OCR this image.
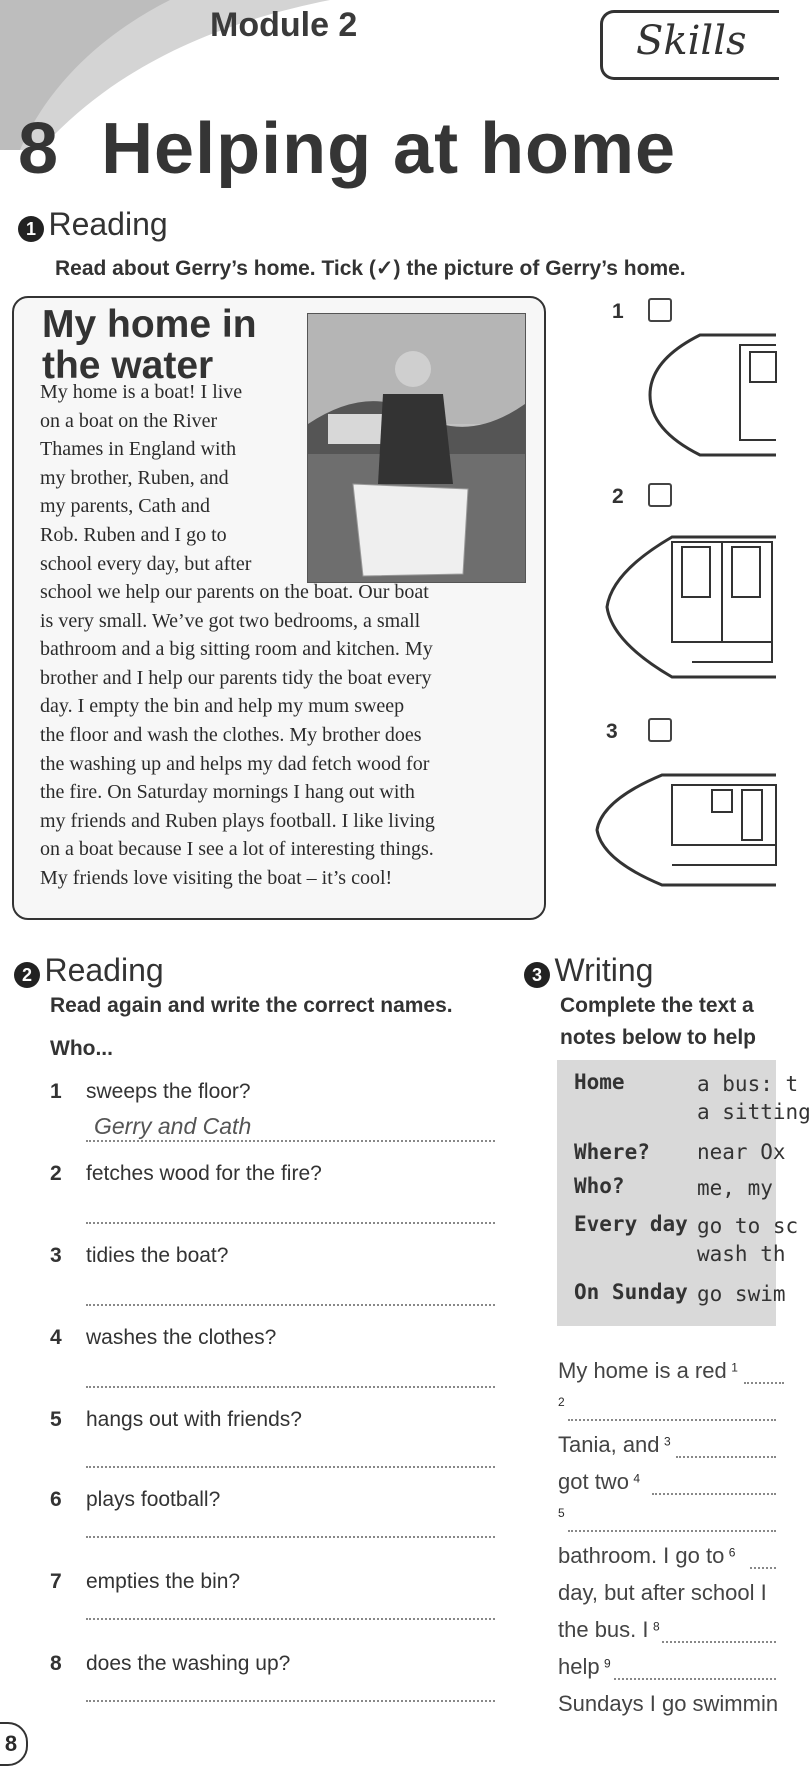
Module 2	Skills
8 Helping at home
1 Reading
Read about Gerry’s home. Tick (✓) the picture of Gerry’s home.
My home in
the water
My home is a boat! I live
on a boat on the River
Thames in England with
my brother, Ruben, and
my parents, Cath and
Rob. Ruben and I go to
school every day, but after
school we help our parents on the boat. Our boat
is very small. We’ve got two bedrooms, a small
bathroom and a big sitting room and kitchen. My
brother and I help our parents tidy the boat every
day. I empty the bin and help my mum sweep
the floor and wash the clothes. My brother does
the washing up and helps my dad fetch wood for
the fire. On Saturday mornings I hang out with
my friends and Ruben plays football. I like living
on a boat because I see a lot of interesting things.
My friends love visiting the boat – it’s cool!
1
2
3
2 Reading
Read again and write the correct names.
Who...
1 sweeps the floor?
Gerry and Cath
2 fetches wood for the fire?
3 tidies the boat?
4 washes the clothes?
5 hangs out with friends?
6 plays football?
7 empties the bin?
8 does the washing up?
3 Writing
Complete the text a
notes below to help
Home	a bus: t
a sitting
Where? near Ox
Who?	me, my
Every day go to sc
wash th
On Sunday go swim
My home is a red $^1$
$^2$
Tania, and $^3$
got two $^4$
$^5$
bathroom. I go to $^6$
day, but after school I
the bus. I $^8$
help $^9$
Sundays I go swimmin
8
